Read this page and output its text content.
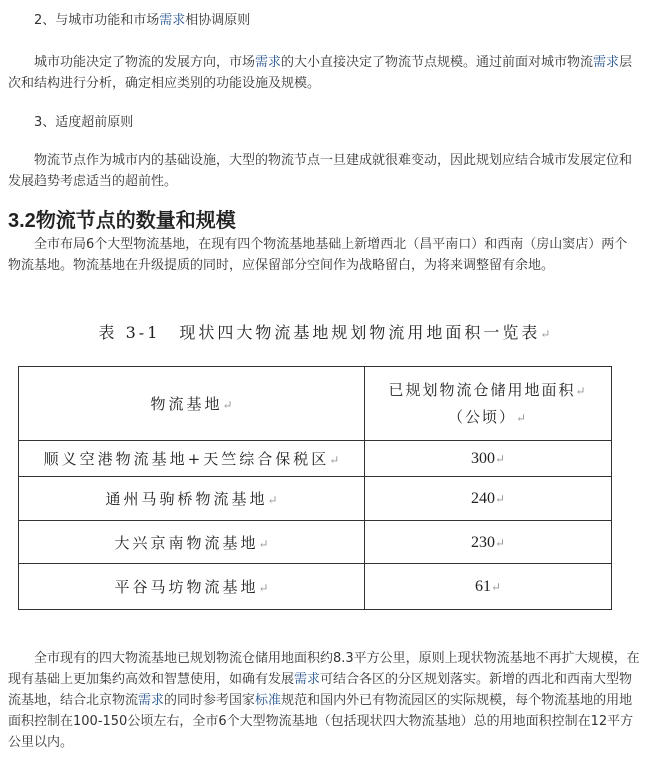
2、与城市功能和市场需求相协调原则

城市功能决定了物流的发展方向，市场需求的大小直接决定了物流节点规模。通过前面对城市物流需求层次和结构进行分析，确定相应类别的功能设施及规模。

3、适度超前原则

物流节点作为城市内的基础设施，大型的物流节点一旦建成就很难变动，因此规划应结合城市发展定位和发展趋势考虑适当的超前性。

3.2物流节点的数量和规模

全市布局6个大型物流基地，在现有四个物流基地基础上新增西北（昌平南口）和西南（房山窦店）两个物流基地。物流基地在升级提质的同时，应保留部分空间作为战略留白，为将来调整留有余地。

表 3-1　现状四大物流基地规划物流用地面积一览表↵
物流基地↵	已规划物流仓储用地面积↵
（公顷）↵

顺义空港物流基地+天竺综合保税区↵	300↵
通州马驹桥物流基地↵	240↵
大兴京南物流基地↵	230↵
平谷马坊物流基地↵	61↵

全市现有的四大物流基地已规划物流仓储用地面积约8.3平方公里，原则上现状物流基地不再扩大规模，在现有基础上更加集约高效和智慧使用，如确有发展需求可结合各区的分区规划落实。新增的西北和西南大型物流基地，结合北京物流需求的同时参考国家标准规范和国内外已有物流园区的实际规模，每个物流基地的用地面积控制在100-150公顷左右，全市6个大型物流基地（包括现状四大物流基地）总的用地面积控制在12平方公里以内。
